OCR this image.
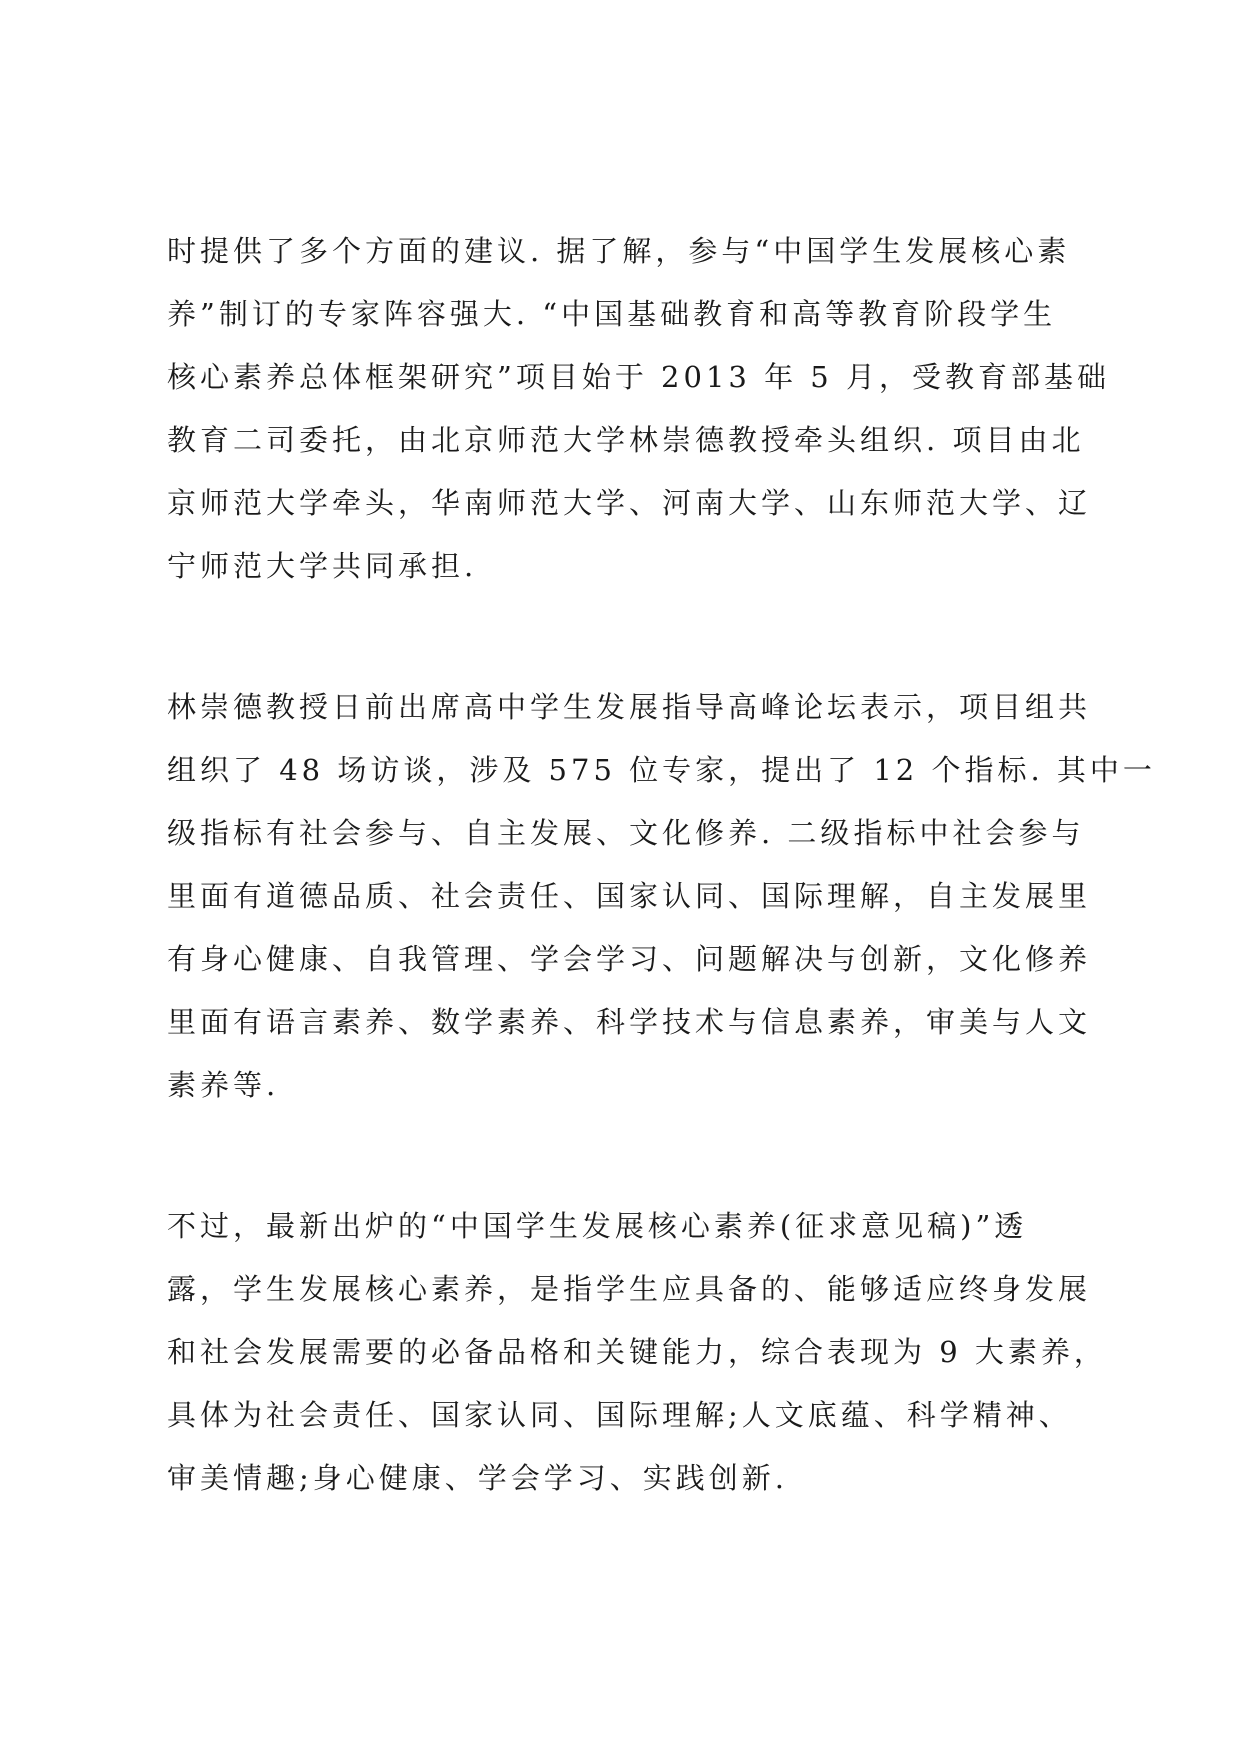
时提供了多个方面的建议. 据了解，参与“中国学生发展核心素
养”制订的专家阵容强大. “中国基础教育和高等教育阶段学生
核心素养总体框架研究”项目始于 2013 年 5 月，受教育部基础
教育二司委托，由北京师范大学林崇德教授牵头组织. 项目由北
京师范大学牵头，华南师范大学、河南大学、山东师范大学、辽
宁师范大学共同承担.
林崇德教授日前出席高中学生发展指导高峰论坛表示，项目组共
组织了 48 场访谈，涉及 575 位专家，提出了 12 个指标. 其中一
级指标有社会参与、自主发展、文化修养. 二级指标中社会参与
里面有道德品质、社会责任、国家认同、国际理解，自主发展里
有身心健康、自我管理、学会学习、问题解决与创新，文化修养
里面有语言素养、数学素养、科学技术与信息素养，审美与人文
素养等.
不过，最新出炉的“中国学生发展核心素养(征求意见稿)”透
露，学生发展核心素养，是指学生应具备的、能够适应终身发展
和社会发展需要的必备品格和关键能力，综合表现为 9 大素养，
具体为社会责任、国家认同、国际理解;人文底蕴、科学精神、
审美情趣;身心健康、学会学习、实践创新.
